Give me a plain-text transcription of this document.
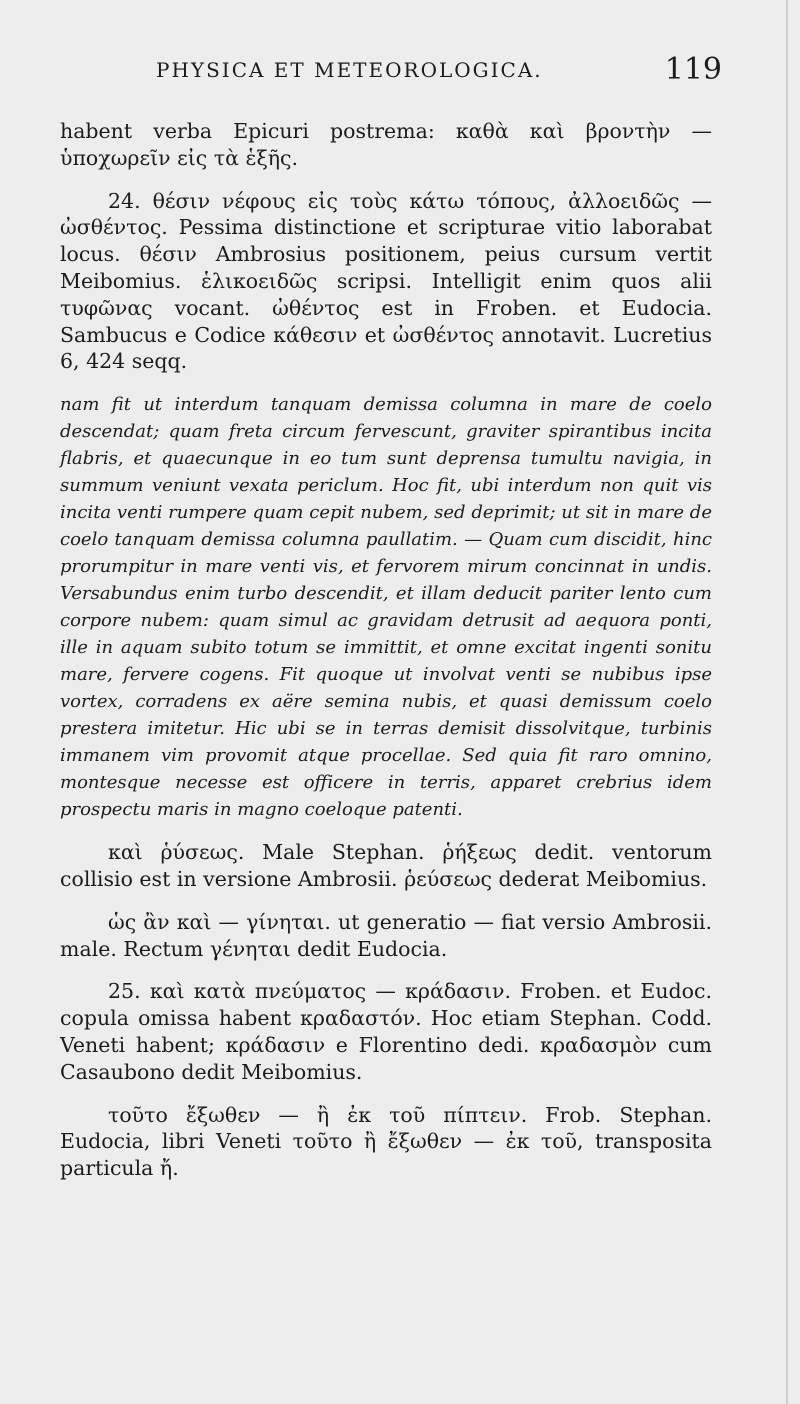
PHYSICA ET METEOROLOGICA.	119

habent verba Epicuri postrema: καθὰ καὶ βροντὴν — ὑποχωρεῖν εἰς τὰ ἑξῆς.

24. θέσιν νέφους εἰς τοὺς κάτω τόπους, ἀλλοειδῶς — ὠσθέντος. Pessima distinctione et scripturae vitio laborabat locus. θέσιν Ambrosius positionem, peius cursum vertit Meibomius. ἑλικοειδῶς scripsi. Intelligit enim quos alii τυφῶνας vocant. ὠθέντος est in Froben. et Eudocia. Sambucus e Codice κάθεσιν et ὠσθέντος annotavit. Lucretius 6, 424 seqq.

nam fit ut interdum tanquam demissa columna in mare de coelo descendat; quam freta circum fervescunt, graviter spirantibus incita flabris, et quaecunque in eo tum sunt deprensa tumultu navigia, in summum veniunt vexata periclum. Hoc fit, ubi interdum non quit vis incita venti rumpere quam cepit nubem, sed deprimit; ut sit in mare de coelo tanquam demissa columna paullatim. — Quam cum discidit, hinc prorumpitur in mare venti vis, et fervorem mirum concinnat in undis. Versabundus enim turbo descendit, et illam deducit pariter lento cum corpore nubem: quam simul ac gravidam detrusit ad aequora ponti, ille in aquam subito totum se immittit, et omne excitat ingenti sonitu mare, fervere cogens. Fit quoque ut involvat venti se nubibus ipse vortex, corradens ex aëre semina nubis, et quasi demissum coelo prestera imitetur. Hic ubi se in terras demisit dissolvitque, turbinis immanem vim provomit atque procellae. Sed quia fit raro omnino, montesque necesse est officere in terris, apparet crebrius idem prospectu maris in magno coeloque patenti.

καὶ ῥύσεως. Male Stephan. ῥήξεως dedit. ventorum collisio est in versione Ambrosii. ῥεύσεως dederat Meibomius.

ὡς ἂν καὶ — γίνηται. ut generatio — fiat versio Ambrosii. male. Rectum γένηται dedit Eudocia.

25. καὶ κατὰ πνεύματος — κράδασιν. Froben. et Eudoc. copula omissa habent κραδαστόν. Hoc etiam Stephan. Codd. Veneti habent; κράδασιν e Florentino dedi. κραδασμὸν cum Casaubono dedit Meibomius.

τοῦτο ἔξωθεν — ἢ ἐκ τοῦ πίπτειν. Frob. Stephan. Eudocia, libri Veneti τοῦτο ἢ ἔξωθεν — ἐκ τοῦ, transposita particula ἤ.
